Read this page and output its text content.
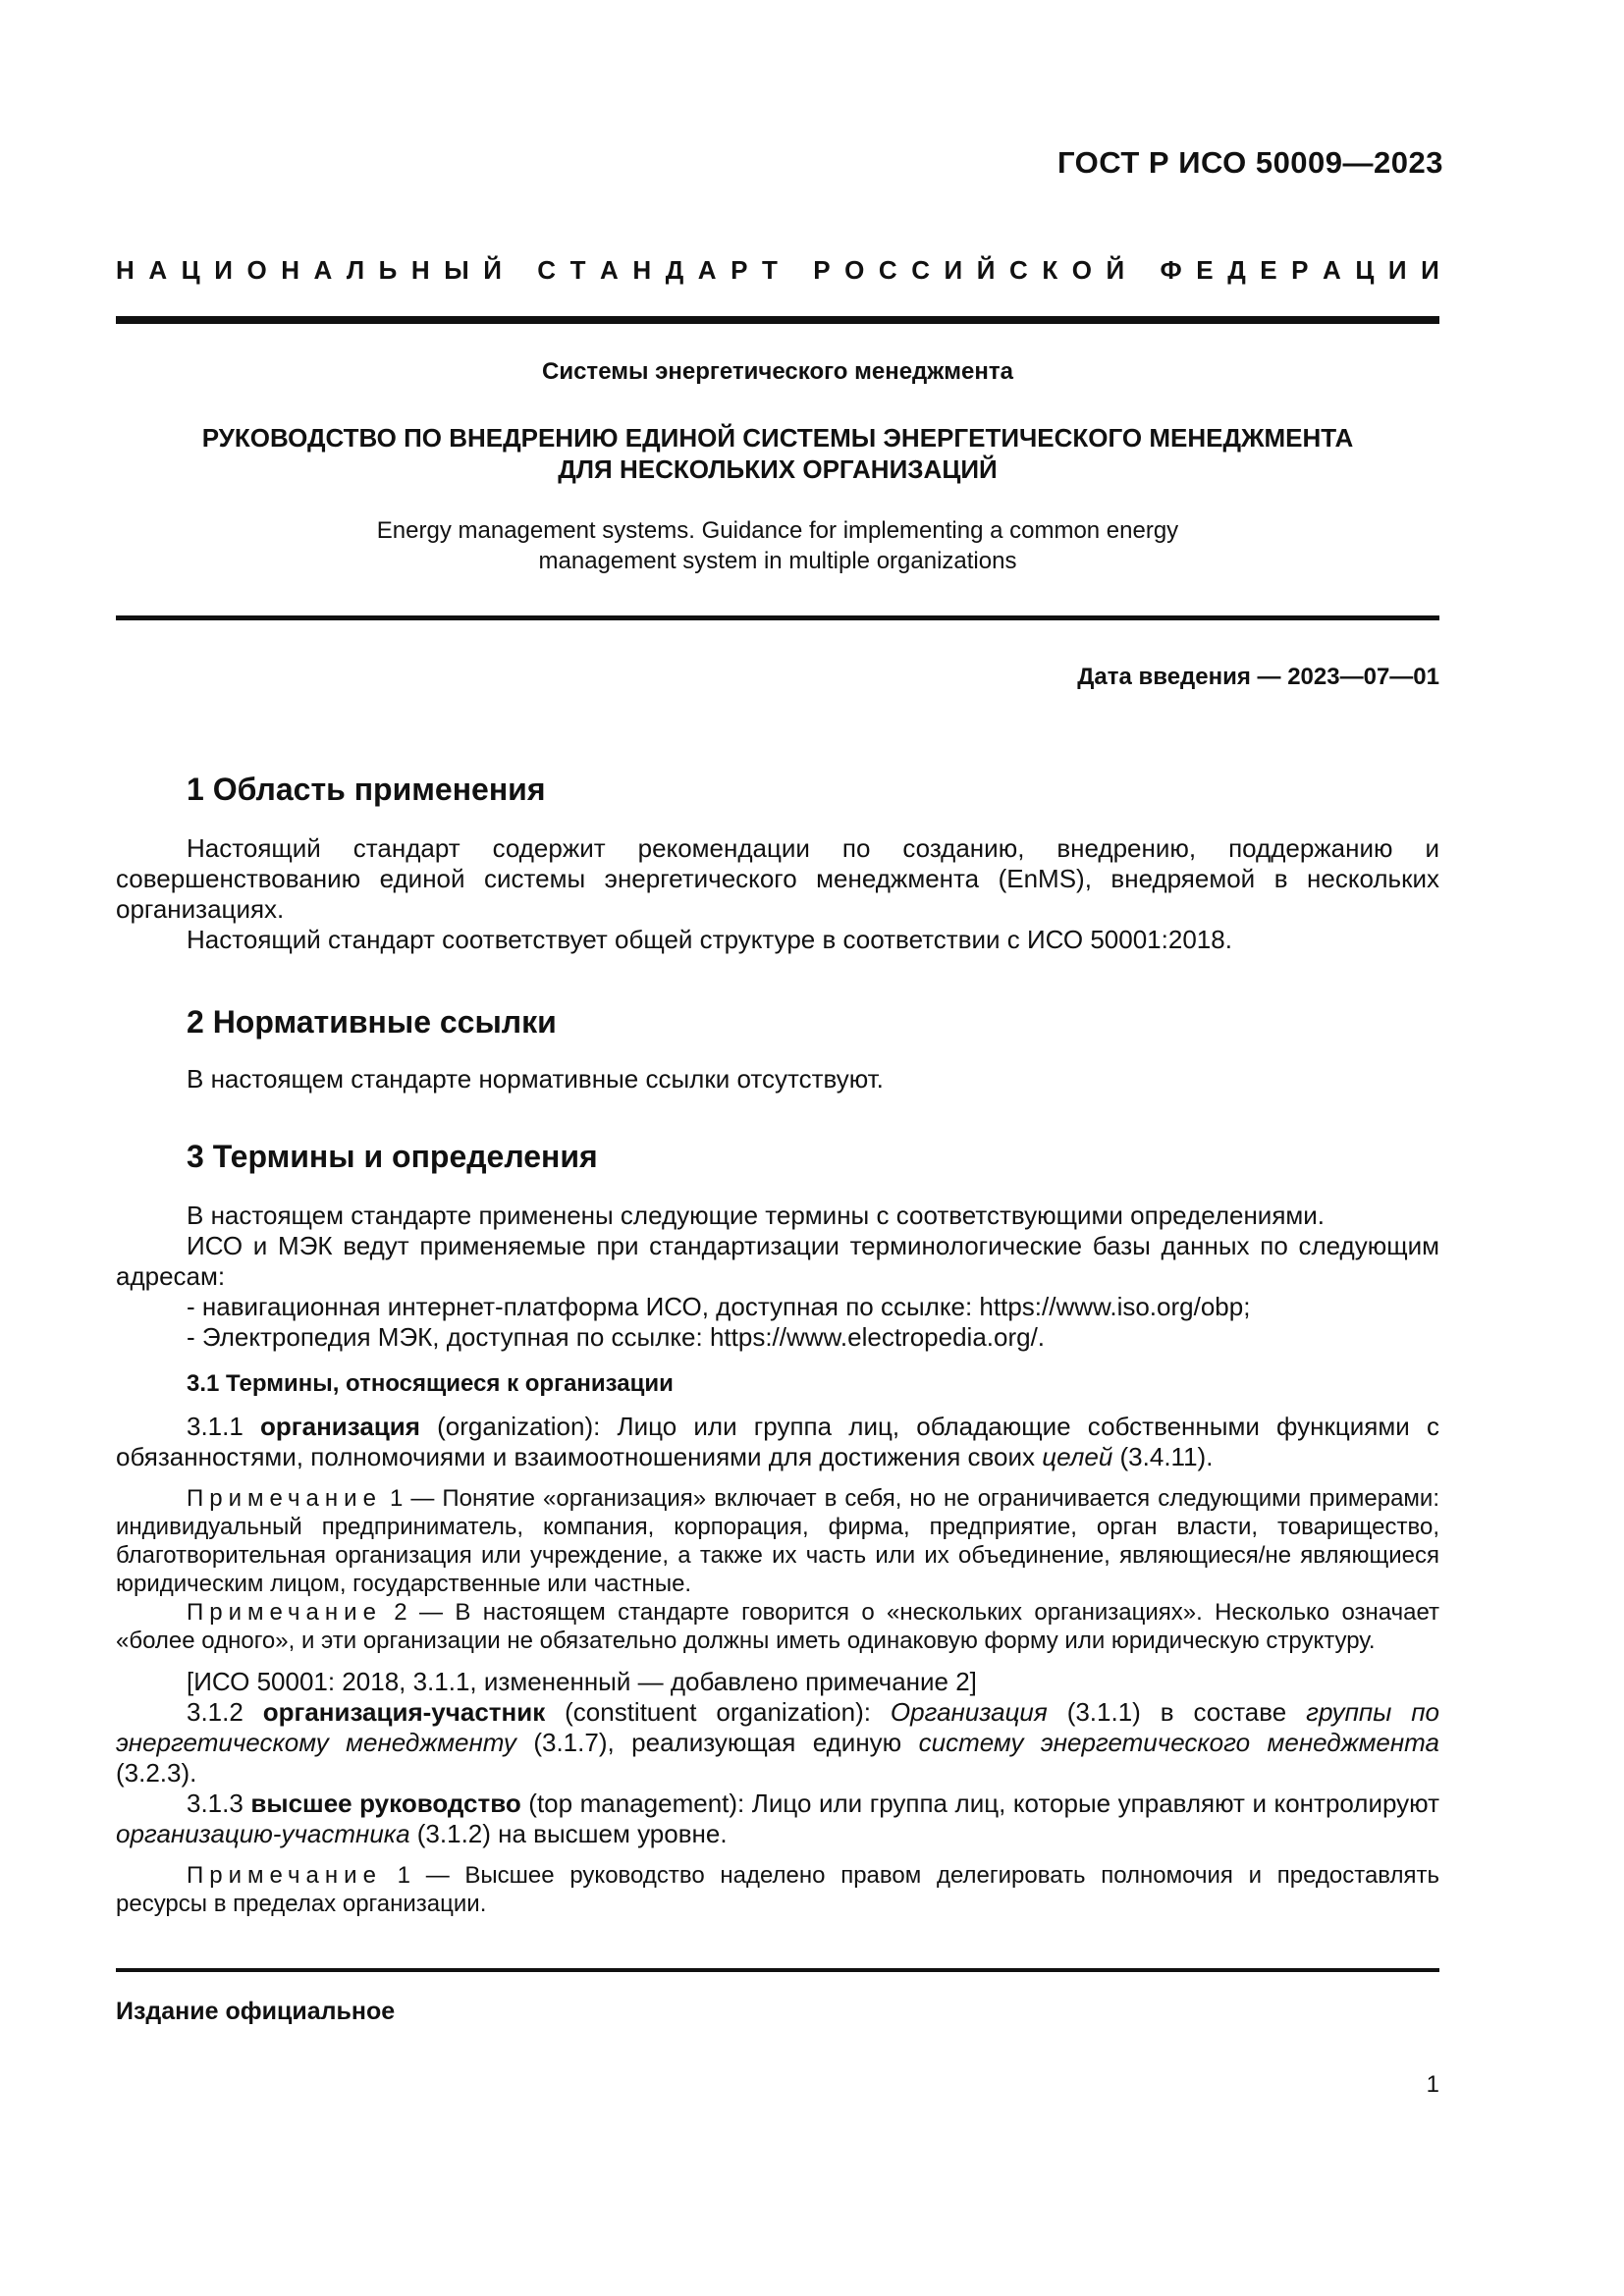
ГОСТ Р ИСО 50009—2023
Н А Ц И О Н А Л Ь Н Ы Й
С Т А Н Д А Р Т
Р О С С И Й С К О Й
Ф Е Д Е Р А Ц И И
Системы энергетического менеджмента
РУКОВОДСТВО ПО ВНЕДРЕНИЮ ЕДИНОЙ СИСТЕМЫ ЭНЕРГЕТИЧЕСКОГО МЕНЕДЖМЕНТА
ДЛЯ НЕСКОЛЬКИХ ОРГАНИЗАЦИЙ
Energy management systems. Guidance for implementing a common energy
management system in multiple organizations
Дата введения — 2023—07—01
1 Область применения

Настоящий стандарт содержит рекомендации по созданию, внедрению, поддержанию и совершенствованию единой системы энергетического менеджмента (EnMS), внедряемой в нескольких организациях.

Настоящий стандарт соответствует общей структуре в соответствии с ИСО 50001:2018.

2 Нормативные ссылки

В настоящем стандарте нормативные ссылки отсутствуют.

3 Термины и определения

В настоящем стандарте применены следующие термины с соответствующими определениями.

ИСО и МЭК ведут применяемые при стандартизации терминологические базы данных по следующим адресам:

- навигационная интернет-платформа ИСО, доступная по ссылке: https://www.iso.org/obp;

- Электропедия МЭК, доступная по ссылке: https://www.electropedia.org/.

3.1 Термины, относящиеся к организации

3.1.1 организация (organization): Лицо или группа лиц, обладающие собственными функциями с обязанностями, полномочиями и взаимоотношениями для достижения своих целей (3.4.11).

Примечание 1 — Понятие «организация» включает в себя, но не ограничивается следующими примерами: индивидуальный предприниматель, компания, корпорация, фирма, предприятие, орган власти, товарищество, благотворительная организация или учреждение, а также их часть или их объединение, являющиеся/не являющиеся юридическим лицом, государственные или частные.

Примечание 2 — В настоящем стандарте говорится о «нескольких организациях». Несколько означает «более одного», и эти организации не обязательно должны иметь одинаковую форму или юридическую структуру.

[ИСО 50001: 2018, 3.1.1, измененный — добавлено примечание 2]

3.1.2 организация-участник (constituent organization): Организация (3.1.1) в составе группы по энергетическому менеджменту (3.1.7), реализующая единую систему энергетического менеджмента (3.2.3).

3.1.3 высшее руководство (top management): Лицо или группа лиц, которые управляют и контролируют организацию-участника (3.1.2) на высшем уровне.

Примечание 1 — Высшее руководство наделено правом делегировать полномочия и предоставлять ресурсы в пределах организации.

Издание официальное
1
